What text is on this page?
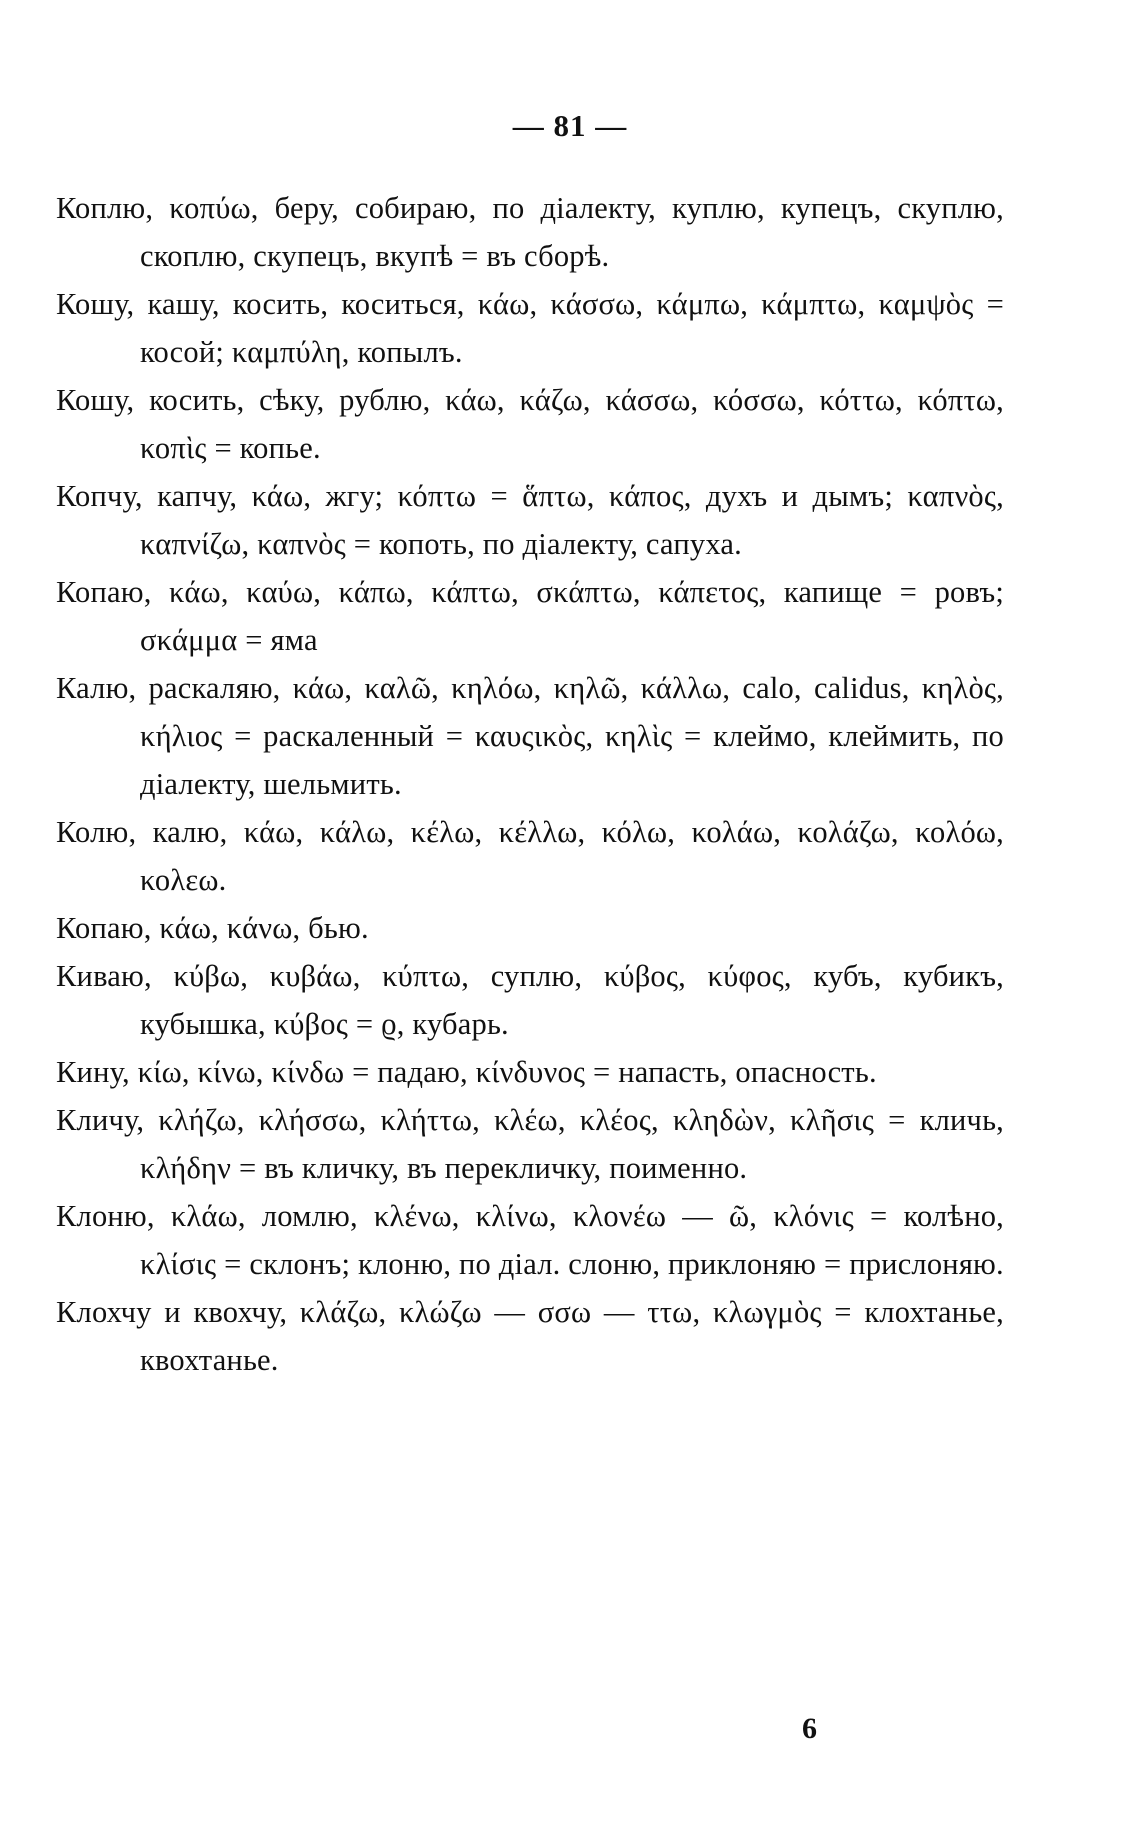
— 81 —

Коплю, κοπύω, беру, собираю, по діалекту, куплю, купецъ, скуплю, скоплю, скупецъ, вкупѣ = въ сборѣ.

Кошу, кашу, косить, коситься, κάω, κάσσω, κάμπω, κάμπτω, καμψὸς = косой; καμπύλη, копылъ.

Кошу, косить, сѣку, рублю, κάω, κάζω, κάσσω, κόσσω, κόττω, κόπτω, κοπὶς = копье.

Копчу, капчу, κάω, жгу; κόπτω = ἅπτω, κάπος, духъ и дымъ; καπνὸς, καπνίζω, καπνὸς = копоть, по діалекту, сапуха.

Копаю, κάω, καύω, κάπω, κάπτω, σκάπτω, κάπετος, капище = ровъ; σκάμμα = яма

Калю, раскаляю, κάω, καλῶ, κηλόω, κηλῶ, κάλλω, calo, calidus, κηλὸς, κήλιος = раскаленный = καυςικὸς, κηλὶς = клеймо, клеймить, по діалекту, шельмить.

Колю, калю, κάω, κάλω, κέλω, κέλλω, κόλω, κολάω, κολάζω, κολόω, κολεω.

Копаю, κάω, κάνω, бью.

Киваю, κύβω, κυβάω, κύπτω, суплю, κύβος, κύφος, кубъ, кубикъ, кубышка, κύβος = ϱ, кубарь.

Кину, κίω, κίνω, κίνδω = падаю, κίνδυνος = напасть, опасность.

Кличу, κλήζω, κλήσσω, κλήττω, κλέω, κλέος, κληδὼν, κλῆσις = кличь, κλήδην = въ кличку, въ перекличку, поименно.

Клоню, κλάω, ломлю, κλένω, κλίνω, κλονέω — ῶ, κλόνις = колѣно, κλίσις = склонъ; клоню, по діал. слоню, приклоняю = прислоняю.

Клохчу и квохчу, κλάζω, κλώζω — σσω — ττω, κλωγμὸς = клохтанье, квохтанье.

6
